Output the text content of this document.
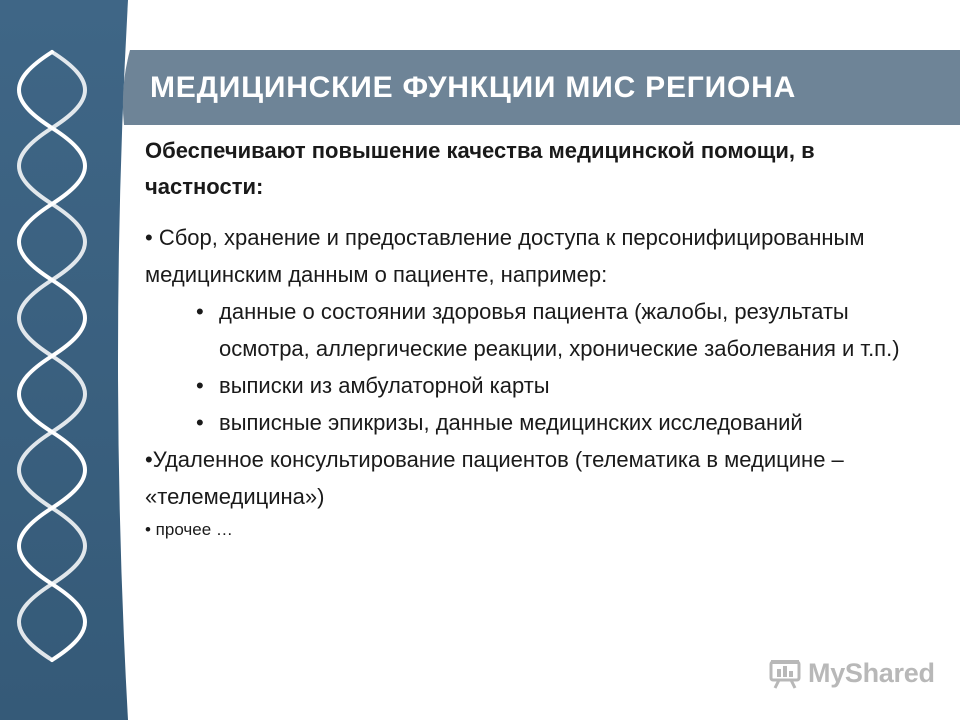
МЕДИЦИНСКИЕ ФУНКЦИИ МИС РЕГИОНА

Обеспечивают повышение качества медицинской помощи, в частности:

• Сбор, хранение и предоставление доступа к персонифицированным медицинским данным о пациенте, например:

• данные о состоянии здоровья пациента (жалобы, результаты осмотра, аллергические реакции, хронические заболевания и т.п.)
• выписки из амбулаторной карты
• выписные эпикризы, данные медицинских исследований

•Удаленное консультирование пациентов (телематика в медицине – «телемедицина»)

• прочее …

MyShared
